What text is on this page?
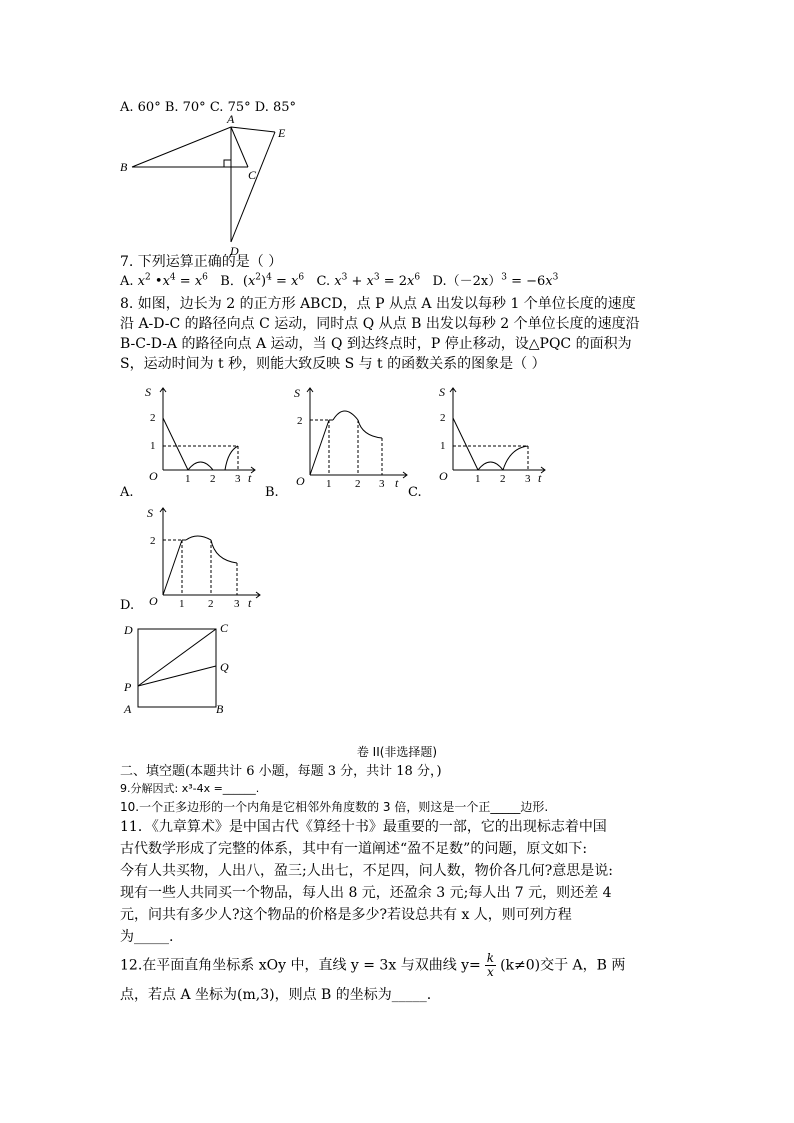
A. 60° B. 70° C. 75° D. 85°
A
B
C
D
E
7. 下列运算正确的是（ ）
A. $x^2$ $•x^4 = x^6$ B．$(x^2)^4 = x^6$ C. $x^3 + x^3 = 2x^6$ $D.(-2x)^3 = -6x^3$
8. 如图，边长为 2 的正方形 ABCD，点 P 从点 A 出发以每秒 1 个单位长度的速度
沿 A-D-C 的路径向点 C 运动，同时点 Q 从点 B 出发以每秒 2 个单位长度的速度沿
B-C-D-A 的路径向点 A 运动，当 Q 到达终点时，P 停止移动，设△PQC 的面积为
S，运动时间为 t 秒，则能大致反映 S 与 t 的函数关系的图象是（ ）
S
2
1
O 1 2 3 t
A.
S
2
O 1 2 3 t
B.
S
2
1
O 1 2 3 t
C.
S
2
O 1 2 3 t
D.
D	C
Q
P
A	B
卷 II(非选择题)
二、填空题(本题共计 6 小题，每题 3 分，共计 18 分，)
9.分解因式: x³-4x =______.
10.一个正多边形的一个内角是它相邻外角度数的 3 倍，则这是一个正_____边形.
11．《九章算术》是中国古代《算经十书》最重要的一部，它的出现标志着中国
古代数学形成了完整的体系，其中有一道阐述“盈不足数”的问题，原文如下:
今有人共买物，人出八，盈三;人出七，不足四，问人数，物价各几何?意思是说:
现有一些人共同买一个物品，每人出 8 元，还盈余 3 元;每人出 7 元，则还差 4
元，问共有多少人?这个物品的价格是多少?若设总共有 x 人，则可列方程
为_____.
12.在平面直角坐标系 xOy 中，直线 y = 3x 与双曲线 $y= \frac{k}{x} (k\ne 0)$交于 A，B 两
点，若点 A 坐标为(m,3)，则点 B 的坐标为_____.
